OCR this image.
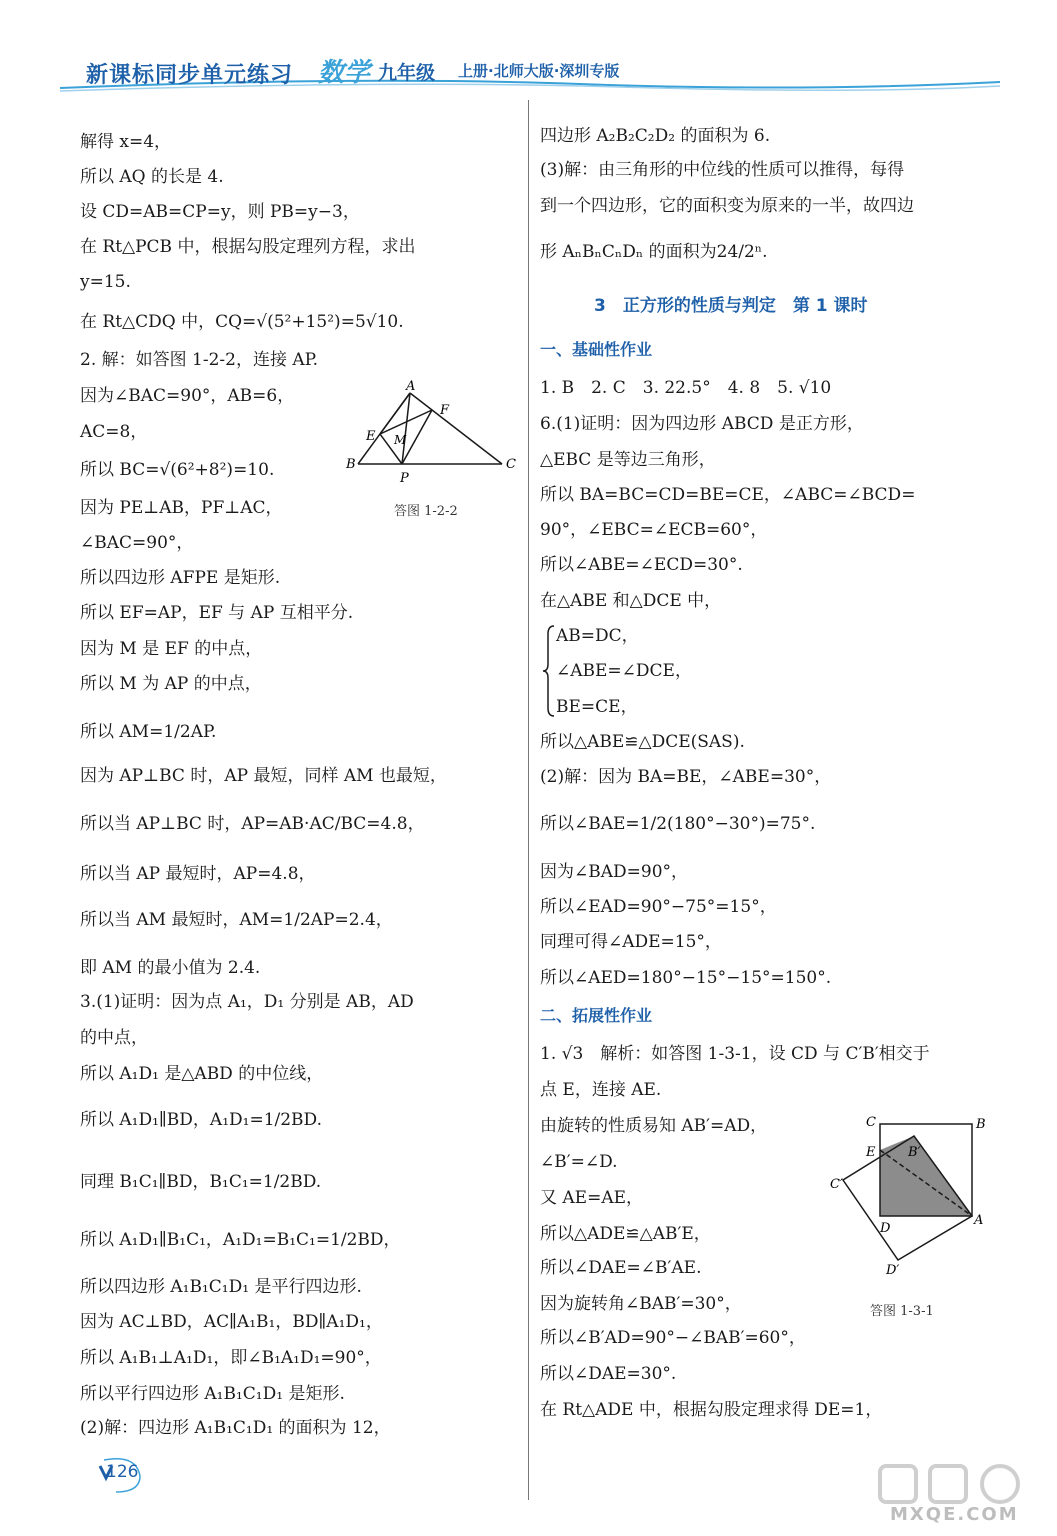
新课标同步单元练习 数学 九年级 上册·北师大版·深圳专版
解得 x=4，
所以 AQ 的长是 4.
设 CD=AB=CP=y，则 PB=y−3，
在 Rt△PCB 中，根据勾股定理列方程，求出
y=15.
在 Rt△CDQ 中，CQ=√(5²+15²)=5√10.
2. 解：如答图 1-2-2，连接 AP.
因为∠BAC=90°，AB=6，
AC=8，
所以 BC=√(6²+8²)=10.
因为 PE⊥AB，PF⊥AC，
∠BAC=90°，
所以四边形 AFPE 是矩形.
所以 EF=AP，EF 与 AP 互相平分.
因为 M 是 EF 的中点，
所以 M 为 AP 的中点，
所以 AM=1/2AP.
因为 AP⊥BC 时，AP 最短，同样 AM 也最短，
所以当 AP⊥BC 时，AP=AB·AC/BC=4.8，
所以当 AP 最短时，AP=4.8，
所以当 AM 最短时，AM=1/2AP=2.4，
即 AM 的最小值为 2.4.
3.(1)证明：因为点 A₁，D₁ 分别是 AB，AD
的中点，
所以 A₁D₁ 是△ABD 的中位线，
所以 A₁D₁∥BD，A₁D₁=1/2BD.
同理 B₁C₁∥BD，B₁C₁=1/2BD.
所以 A₁D₁∥B₁C₁，A₁D₁=B₁C₁=1/2BD，
所以四边形 A₁B₁C₁D₁ 是平行四边形.
因为 AC⊥BD，AC∥A₁B₁，BD∥A₁D₁，
所以 A₁B₁⊥A₁D₁，即∠B₁A₁D₁=90°，
所以平行四边形 A₁B₁C₁D₁ 是矩形.
(2)解：四边形 A₁B₁C₁D₁ 的面积为 12，
A
F
E M
B
P
C
答图 1-2-2
四边形 A₂B₂C₂D₂ 的面积为 6.
(3)解：由三角形的中位线的性质可以推得，每得
到一个四边形，它的面积变为原来的一半，故四边
形 AₙBₙCₙDₙ 的面积为24/2ⁿ.
3　正方形的性质与判定　第 1 课时
一、基础性作业
1. B　2. C　3. 22.5°　4. 8　5. √10
6.(1)证明：因为四边形 ABCD 是正方形，
△EBC 是等边三角形，
所以 BA=BC=CD=BE=CE，∠ABC=∠BCD=
90°，∠EBC=∠ECB=60°，
所以∠ABE=∠ECD=30°.
在△ABE 和△DCE 中，
AB=DC，
∠ABE=∠DCE，
BE=CE，
所以△ABE≌△DCE(SAS).
(2)解：因为 BA=BE，∠ABE=30°，
所以∠BAE=1/2(180°−30°)=75°.
因为∠BAD=90°，
所以∠EAD=90°−75°=15°，
同理可得∠ADE=15°，
所以∠AED=180°−15°−15°=150°.
二、拓展性作业
1. √3　解析：如答图 1-3-1，设 CD 与 C′B′相交于
点 E，连接 AE.
由旋转的性质易知 AB′=AD，
∠B′=∠D.
又 AE=AE，
所以△ADE≌△AB′E，
所以∠DAE=∠B′AE.
因为旋转角∠BAB′=30°，
所以∠B′AD=90°−∠BAB′=60°，
所以∠DAE=30°.
在 Rt△ADE 中，根据勾股定理求得 DE=1，
C	B
E	B′
C′
D
A
D′
答图 1-3-1
126
MXQE.COM
